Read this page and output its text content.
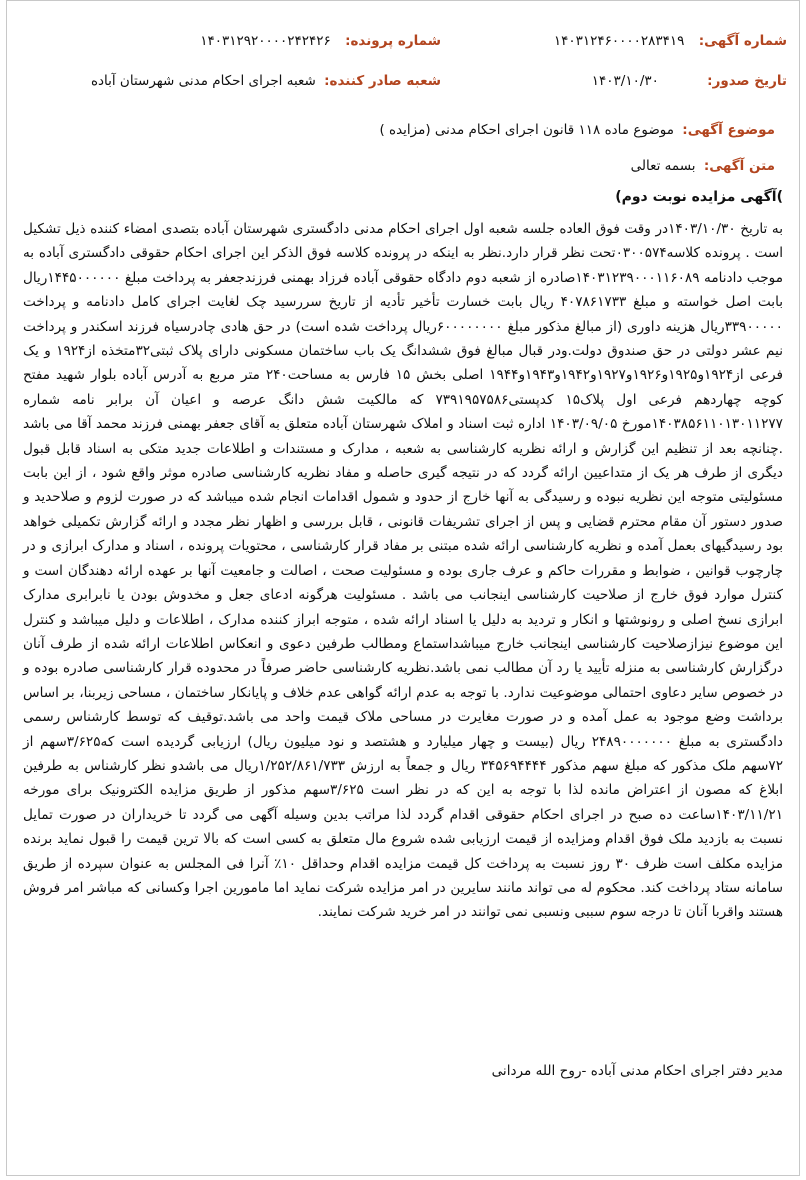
شماره آگهی: ۱۴۰۳۱۲۴۶۰۰۰۰۲۸۳۴۱۹
شماره پرونده: ۱۴۰۳۱۲۹۲۰۰۰۰۲۴۲۴۲۶
تاریخ صدور: ۱۴۰۳/۱۰/۳۰
شعبه صادر کننده: شعبه اجرای احکام مدنی شهرستان آباده
موضوع آگهی: موضوع ماده ۱۱۸ قانون اجرای احکام مدنی (مزایده )
متن آگهی: بسمه تعالی
)آگهی مزایده نوبت دوم)

به تاریخ ۱۴۰۳/۱۰/۳۰در وقت فوق العاده جلسه شعبه اول اجرای احکام مدنی دادگستری شهرستان آباده بتصدی امضاء کننده ذیل تشکیل است . پرونده کلاسه۰۳۰۰۵۷۴تحت نظر قرار دارد.نظر به اینکه در پرونده کلاسه فوق الذکر این اجرای احکام حقوقی دادگستری آباده به موجب دادنامه ۱۴۰۳۱۲۳۹۰۰۰۱۱۶۰۸۹صادره از شعبه دوم دادگاه حقوقی آباده فرزاد بهمنی فرزندجعفر به پرداخت مبلغ ۱۴۴۵۰۰۰۰۰۰ریال بابت اصل خواسته و مبلغ ۴۰۷۸۶۱۷۳۳ ریال بابت خسارت تأخیر تأدیه از تاریخ سررسید چک لغایت اجرای کامل دادنامه و پرداخت ۳۳۹۰۰۰۰۰ریال هزینه داوری (از مبالغ مذکور مبلغ ۶۰۰۰۰۰۰۰۰ریال پرداخت شده است) در حق هادی چادرسیاه فرزند اسکندر و پرداخت نیم عشر دولتی در حق صندوق دولت.ودر قبال مبالغ فوق ششدانگ یک باب ساختمان مسکونی دارای پلاک ثبتی۳۲متخذه از۱۹۲۴ و یک فرعی از۱۹۲۴و۱۹۲۵و۱۹۲۶و۱۹۲۷و۱۹۴۲و۱۹۴۳و۱۹۴۴ اصلی بخش ۱۵ فارس به مساحت۲۴۰ متر مربع به آدرس آباده بلوار شهید مفتح کوچه چهاردهم فرعی اول پلاک۱۵ کدپستی۷۳۹۱۹۵۷۵۸۶ که مالکیت شش دانگ عرصه و اعیان آن برابر نامه شماره ۱۴۰۳۸۵۶۱۱۰۱۳۰۱۱۲۷۷مورخ ۱۴۰۳/۰۹/۰۵ اداره ثبت اسناد و املاک شهرستان آباده متعلق به آقای جعفر بهمنی فرزند محمد آقا می باشد .چنانچه بعد از تنظیم این گزارش و ارائه نظریه کارشناسی به شعبه ، مدارک و مستندات و اطلاعات جدید متکی به اسناد قابل قبول دیگری از طرف هر یک از متداعیین ارائه گردد که در نتیجه گیری حاصله و مفاد نظریه کارشناسی صادره موثر واقع شود ، از این بابت مسئولیتی متوجه این نظریه نبوده و رسیدگی به آنها خارج از حدود و شمول اقدامات انجام شده میباشد که در صورت لزوم و صلاحدید و صدور دستور آن مقام محترم قضایی و پس از اجرای تشریفات قانونی ، قابل بررسی و اظهار نظر مجدد و ارائه گزارش تکمیلی خواهد بود رسیدگیهای بعمل آمده و نظریه کارشناسی ارائه شده مبتنی بر مفاد قرار کارشناسی ، محتویات پرونده ، اسناد و مدارک ابرازی و در چارچوب قوانین ، ضوابط و مقررات حاکم و عرف جاری بوده و مسئولیت صحت ، اصالت و جامعیت آنها بر عهده ارائه دهندگان است و کنترل موارد فوق خارج از صلاحیت کارشناسی اینجانب می باشد . مسئولیت هرگونه ادعای جعل و مخدوش بودن یا نابرابری مدارک ابرازی نسخ اصلی و رونوشتها و انکار و تردید به دلیل یا اسناد ارائه شده ، متوجه ابراز کننده مدارک ، اطلاعات و دلیل میباشد و کنترل این موضوع نیزازصلاحیت کارشناسی اینجانب خارج میباشداستماع ومطالب طرفین دعوی و انعکاس اطلاعات ارائه شده از طرف آنان درگزارش کارشناسی به منزله تأیید یا رد آن مطالب نمی باشد.نظریه کارشناسی حاضر صرفاً در محدوده قرار کارشناسی صادره بوده و در خصوص سایر دعاوی احتمالی موضوعیت ندارد. با توجه به عدم ارائه گواهی عدم خلاف و پایانکار ساختمان ، مساحی زیربنا، بر اساس برداشت وضع موجود به عمل آمده و در صورت مغایرت در مساحی ملاک قیمت واحد می باشد.توقیف که توسط کارشناس رسمی دادگستری به مبلغ ۲۴۸۹۰۰۰۰۰۰۰ ریال (بیست و چهار میلیارد و هشتصد و نود میلیون ریال) ارزیابی گردیده است که۳/۶۲۵سهم از ۷۲سهم ملک مذکور که مبلغ سهم مذکور ۳۴۵۶۹۴۴۴۴ ریال و جمعاً به ارزش ۱/۲۵۲/۸۶۱/۷۳۳ریال می باشدو نظر کارشناس به طرفین ابلاغ که مصون از اعتراض مانده لذا با توجه به این که در نظر است ۳/۶۲۵سهم مذکور از طریق مزایده الکترونیک برای مورخه ۱۴۰۳/۱۱/۲۱ساعت ده صبح در اجرای احکام حقوقی اقدام گردد لذا مراتب بدین وسیله آگهی می گردد تا خریداران در صورت تمایل نسبت به بازدید ملک فوق اقدام ومزایده از قیمت ارزیابی شده شروع مال متعلق به کسی است که بالا ترین قیمت را قبول نماید برنده مزایده مکلف است ظرف ۳۰ روز نسبت به پرداخت کل قیمت مزایده اقدام وحداقل ۱۰٪ آنرا فی المجلس به عنوان سپرده از طریق سامانه ستاد پرداخت کند. محکوم له می تواند مانند سایرین در امر مزایده شرکت نماید اما مامورین اجرا وکسانی که مباشر امر فروش هستند واقربا آنان تا درجه سوم سببی ونسبی نمی توانند در امر خرید شرکت نمایند.

مدیر دفتر اجرای احکام مدنی آباده -روح الله مردانی
